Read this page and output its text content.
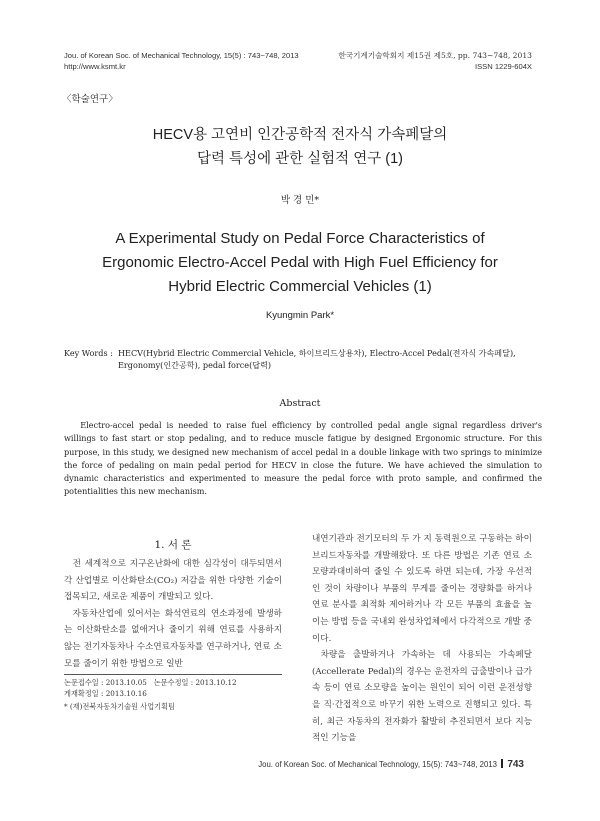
Jou. of Korean Soc. of Mechanical Technology, 15(5) : 743~748, 2013
http://www.ksmt.kr
한국기계기술학회지 제15권 제5호, pp. 743~748, 2013
ISSN 1229-604X
〈학술연구〉
HECV용 고연비 인간공학적 전자식 가속페달의
답력 특성에 관한 실험적 연구 (1)
박 경 민*
A Experimental Study on Pedal Force Characteristics of
Ergonomic Electro-Accel Pedal with High Fuel Efficiency for
Hybrid Electric Commercial Vehicles (1)
Kyungmin Park*
Key Words : HECV(Hybrid Electric Commercial Vehicle, 하이브리드상용차), Electro-Accel Pedal(전자식 가속페달),
Ergonomy(인간공학), pedal force(답력)
Abstract

Electro-accel pedal is needed to raise fuel efficiency by controlled pedal angle signal regardless driver's willings to fast start or stop pedaling, and to reduce muscle fatigue by designed Ergonomic structure. For this purpose, in this study, we designed new mechanism of accel pedal in a double linkage with two springs to minimize the force of pedaling on main pedal period for HECV in close the future. We have achieved the simulation to dynamic characteristics and experimented to measure the pedal force with proto sample, and confirmed the potentialities this new mechanism.

1. 서 론

전 세계적으로 지구온난화에 대한 심각성이 대두되면서 각 산업별로 이산화탄소(CO₂) 저감을 위한 다양한 기술이 접목되고, 새로운 제품이 개발되고 있다.

자동차산업에 있어서는 화석연료의 연소과정에 발생하는 이산화탄소를 없애거나 줄이기 위해 연료를 사용하지 않는 전기자동차나 수소연료자동차를 연구하거나, 연료 소모를 줄이기 위한 방법으로 일반

논문접수일 : 2013.10.05 논문수정일 : 2013.10.12
게재확정일 : 2013.10.16
* (재)전북자동차기술원 사업기획팀

내연기관과 전기모터의 두 가 지 동력원으로 구동하는 하이브리드자동차를 개발해왔다. 또 다른 방법은 기존 연료 소모량과대비하여 줄일 수 있도록 하면 되는데, 가장 우선적인 것이 차량이나 부품의 무게를 줄이는 경량화를 하거나 연료 분사를 최적화 제어하거나 각 모든 부품의 효율을 높이는 방법 등을 국내외 완성차업체에서 다각적으로 개발 중이다.

차량을 출발하거나 가속하는 데 사용되는 가속페달(Accellerate Pedal)의 경우는 운전자의 급출발이나 급가속 등이 연료 소모량을 높이는 원인이 되어 이런 운전성향을 직·간접적으로 바꾸기 위한 노력으로 진행되고 있다. 특히, 최근 자동차의 전자화가 활발히 추진되면서 보다 지능적인 기능을

Jou. of Korean Soc. of Mechanical Technology, 15(5): 743~748, 2013 743
